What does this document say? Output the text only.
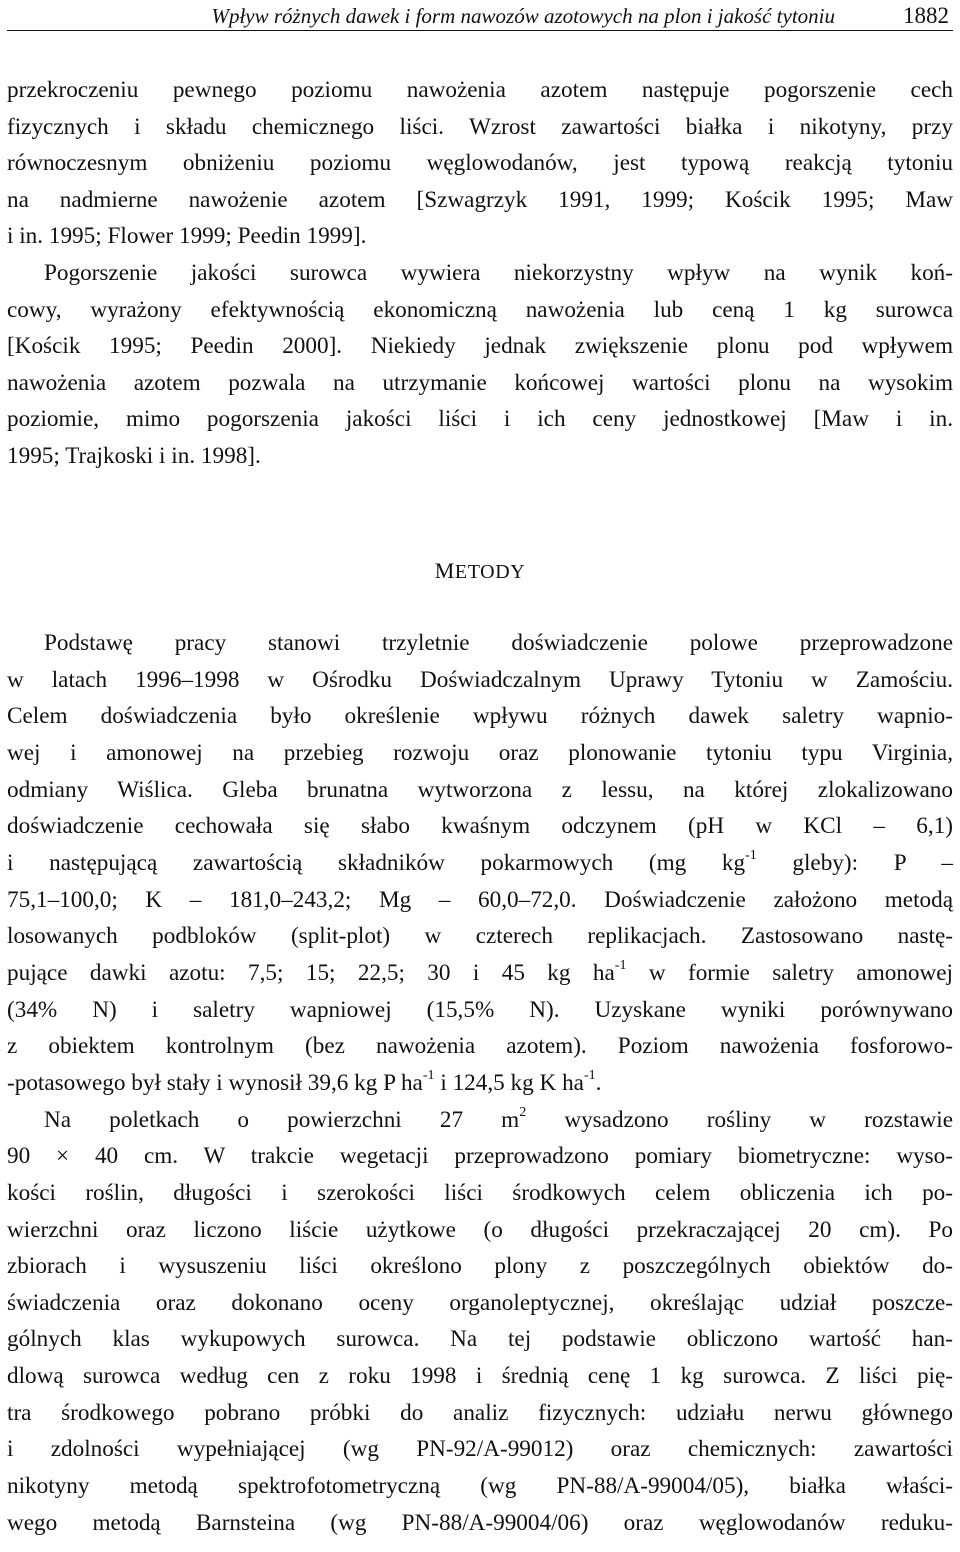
Wpływ różnych dawek i form nawozów azotowych na plon i jakość tytoniu	1882
przekroczeniu pewnego poziomu nawożenia azotem następuje pogorszenie cech
fizycznych i składu chemicznego liści. Wzrost zawartości białka i nikotyny, przy
równoczesnym obniżeniu poziomu węglowodanów, jest typową reakcją tytoniu
na nadmierne nawożenie azotem [Szwagrzyk 1991, 1999; Kościk 1995; Maw
i in. 1995; Flower 1999; Peedin 1999].
Pogorszenie jakości surowca wywiera niekorzystny wpływ na wynik koń-
cowy, wyrażony efektywnością ekonomiczną nawożenia lub ceną 1 kg surowca
[Kościk 1995; Peedin 2000]. Niekiedy jednak zwiększenie plonu pod wpływem
nawożenia azotem pozwala na utrzymanie końcowej wartości plonu na wysokim
poziomie, mimo pogorszenia jakości liści i ich ceny jednostkowej [Maw i in.
1995; Trajkoski i in. 1998].
METODY
Podstawę pracy stanowi trzyletnie doświadczenie polowe przeprowadzone
w latach 1996–1998 w Ośrodku Doświadczalnym Uprawy Tytoniu w Zamościu.
Celem doświadczenia było określenie wpływu różnych dawek saletry wapnio-
wej i amonowej na przebieg rozwoju oraz plonowanie tytoniu typu Virginia,
odmiany Wiślica. Gleba brunatna wytworzona z lessu, na której zlokalizowano
doświadczenie cechowała się słabo kwaśnym odczynem (pH w KCl – 6,1)
i następującą zawartością składników pokarmowych (mg $kg^{-1}$ gleby): P –
75,1–100,0; K – 181,0–243,2; Mg – 60,0–72,0. Doświadczenie założono metodą
losowanych podbloków (split-plot) w czterech replikacjach. Zastosowano nastę-
pujące dawki azotu: 7,5; 15; 22,5; 30 i 45 kg $ha^{-1}$ w formie saletry amonowej
(34% N) i saletry wapniowej (15,5% N). Uzyskane wyniki porównywano
z obiektem kontrolnym (bez nawożenia azotem). Poziom nawożenia fosforowo-
-potasowego był stały i wynosił 39,6 kg P $ha^{-1}$ i 124,5 kg K $ha^{-1}$.
Na poletkach o powierzchni 27 $m^2$ wysadzono rośliny w rozstawie
90 × 40 cm. W trakcie wegetacji przeprowadzono pomiary biometryczne: wyso-
kości roślin, długości i szerokości liści środkowych celem obliczenia ich po-
wierzchni oraz liczono liście użytkowe (o długości przekraczającej 20 cm). Po
zbiorach i wysuszeniu liści określono plony z poszczególnych obiektów do-
świadczenia oraz dokonano oceny organoleptycznej, określając udział poszcze-
gólnych klas wykupowych surowca. Na tej podstawie obliczono wartość han-
dlową surowca według cen z roku 1998 i średnią cenę 1 kg surowca. Z liści pię-
tra środkowego pobrano próbki do analiz fizycznych: udziału nerwu głównego
i zdolności wypełniającej (wg PN-92/A-99012) oraz chemicznych: zawartości
nikotyny metodą spektrofotometryczną (wg PN-88/A-99004/05), białka właści-
wego metodą Barnsteina (wg PN-88/A-99004/06) oraz węglowodanów reduku-
